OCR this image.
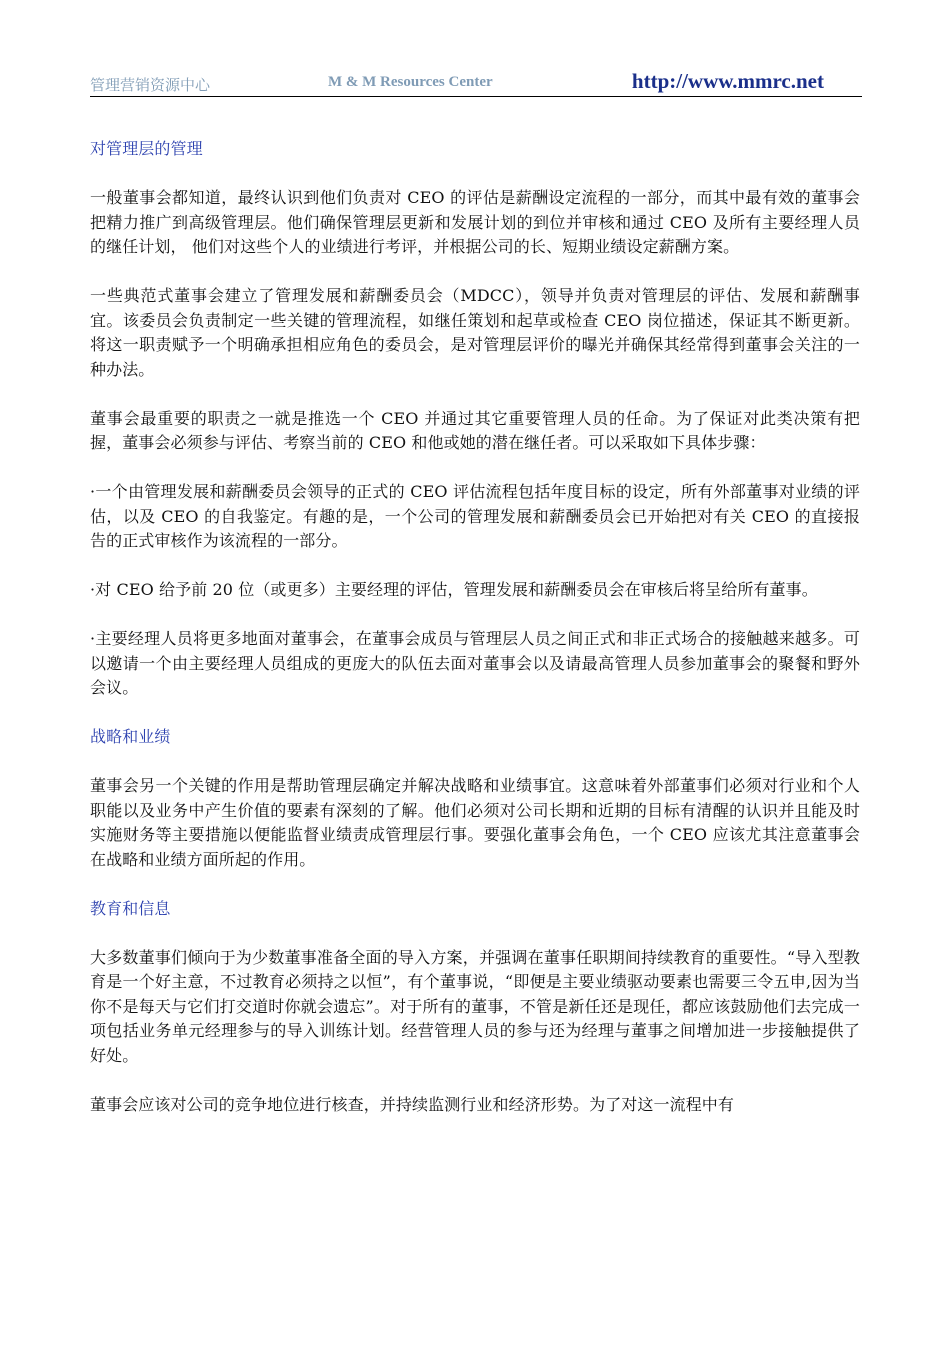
管理营销资源中心	M & M Resources Center	http://www.mmrc.net
对管理层的管理
一般董事会都知道，最终认识到他们负责对 CEO 的评估是薪酬设定流程的一部分，而其中最有效的董事会把精力推广到高级管理层。他们确保管理层更新和发展计划的到位并审核和通过 CEO 及所有主要经理人员的继任计划， 他们对这些个人的业绩进行考评，并根据公司的长、短期业绩设定薪酬方案。
一些典范式董事会建立了管理发展和薪酬委员会（MDCC），领导并负责对管理层的评估、发展和薪酬事宜。该委员会负责制定一些关键的管理流程，如继任策划和起草或检查 CEO 岗位描述，保证其不断更新。将这一职责赋予一个明确承担相应角色的委员会，是对管理层评价的曝光并确保其经常得到董事会关注的一种办法。
董事会最重要的职责之一就是推选一个 CEO 并通过其它重要管理人员的任命。为了保证对此类决策有把握，董事会必须参与评估、考察当前的 CEO 和他或她的潜在继任者。可以采取如下具体步骤：
·一个由管理发展和薪酬委员会领导的正式的 CEO 评估流程包括年度目标的设定，所有外部董事对业绩的评估，以及 CEO 的自我鉴定。有趣的是，一个公司的管理发展和薪酬委员会已开始把对有关 CEO 的直接报告的正式审核作为该流程的一部分。
·对 CEO 给予前 20 位（或更多）主要经理的评估，管理发展和薪酬委员会在审核后将呈给所有董事。
·主要经理人员将更多地面对董事会，在董事会成员与管理层人员之间正式和非正式场合的接触越来越多。可以邀请一个由主要经理人员组成的更庞大的队伍去面对董事会以及请最高管理人员参加董事会的聚餐和野外会议。
战略和业绩
董事会另一个关键的作用是帮助管理层确定并解决战略和业绩事宜。这意味着外部董事们必须对行业和个人职能以及业务中产生价值的要素有深刻的了解。他们必须对公司长期和近期的目标有清醒的认识并且能及时实施财务等主要措施以便能监督业绩责成管理层行事。要强化董事会角色，一个 CEO 应该尤其注意董事会在战略和业绩方面所起的作用。
教育和信息
大多数董事们倾向于为少数董事准备全面的导入方案，并强调在董事任职期间持续教育的重要性。“导入型教育是一个好主意，不过教育必须持之以恒”，有个董事说，“即便是主要业绩驱动要素也需要三令五申,因为当你不是每天与它们打交道时你就会遗忘”。对于所有的董事，不管是新任还是现任，都应该鼓励他们去完成一项包括业务单元经理参与的导入训练计划。经营管理人员的参与还为经理与董事之间增加进一步接触提供了好处。
董事会应该对公司的竞争地位进行核查，并持续监测行业和经济形势。为了对这一流程中有
